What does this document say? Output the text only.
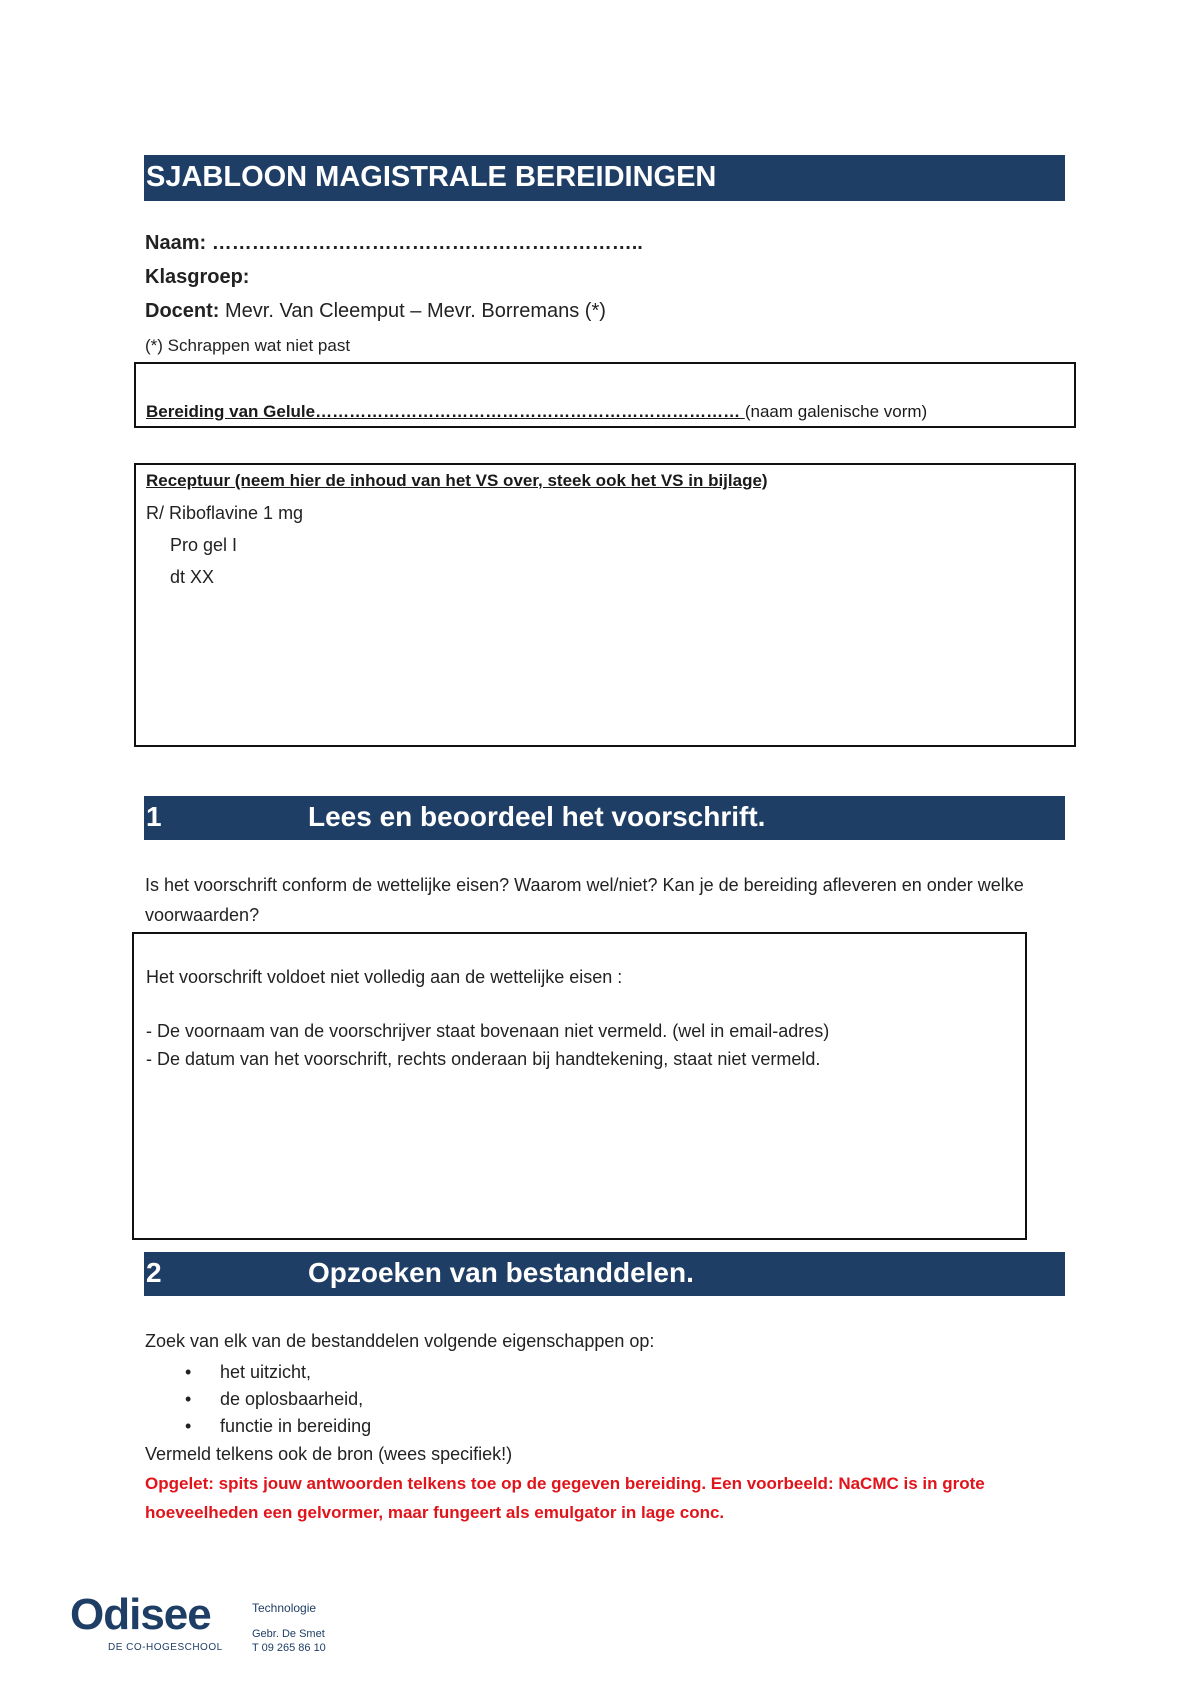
SJABLOON MAGISTRALE BEREIDINGEN
Naam: ………………………………………………………..
Klasgroep:
Docent: Mevr. Van Cleemput – Mevr. Borremans (*)
(*) Schrappen wat niet past
Bereiding van Gelule………………………………………………………………… (naam galenische vorm)
Receptuur (neem hier de inhoud van het VS over, steek ook het VS in bijlage)
R/ Riboflavine 1 mg
Pro gel I
dt XX
1	Lees en beoordeel het voorschrift.
Is het voorschrift conform de wettelijke eisen? Waarom wel/niet? Kan je de bereiding afleveren en onder welke voorwaarden?
Het voorschrift voldoet niet volledig aan de wettelijke eisen :
- De voornaam van de voorschrijver staat bovenaan niet vermeld. (wel in email-adres)
- De datum van het voorschrift, rechts onderaan bij handtekening, staat niet vermeld.
2	Opzoeken van bestanddelen.
Zoek van elk van de bestanddelen volgende eigenschappen op:
• het uitzicht,
• de oplosbaarheid,
• functie in bereiding
Vermeld telkens ook de bron (wees specifiek!)
Opgelet: spits jouw antwoorden telkens toe op de gegeven bereiding. Een voorbeeld: NaCMC is in grote hoeveelheden een gelvormer, maar fungeert als emulgator in lage conc.
Odisee
DE CO-HOGESCHOOL
Technologie
Gebr. De Smet
T 09 265 86 10
